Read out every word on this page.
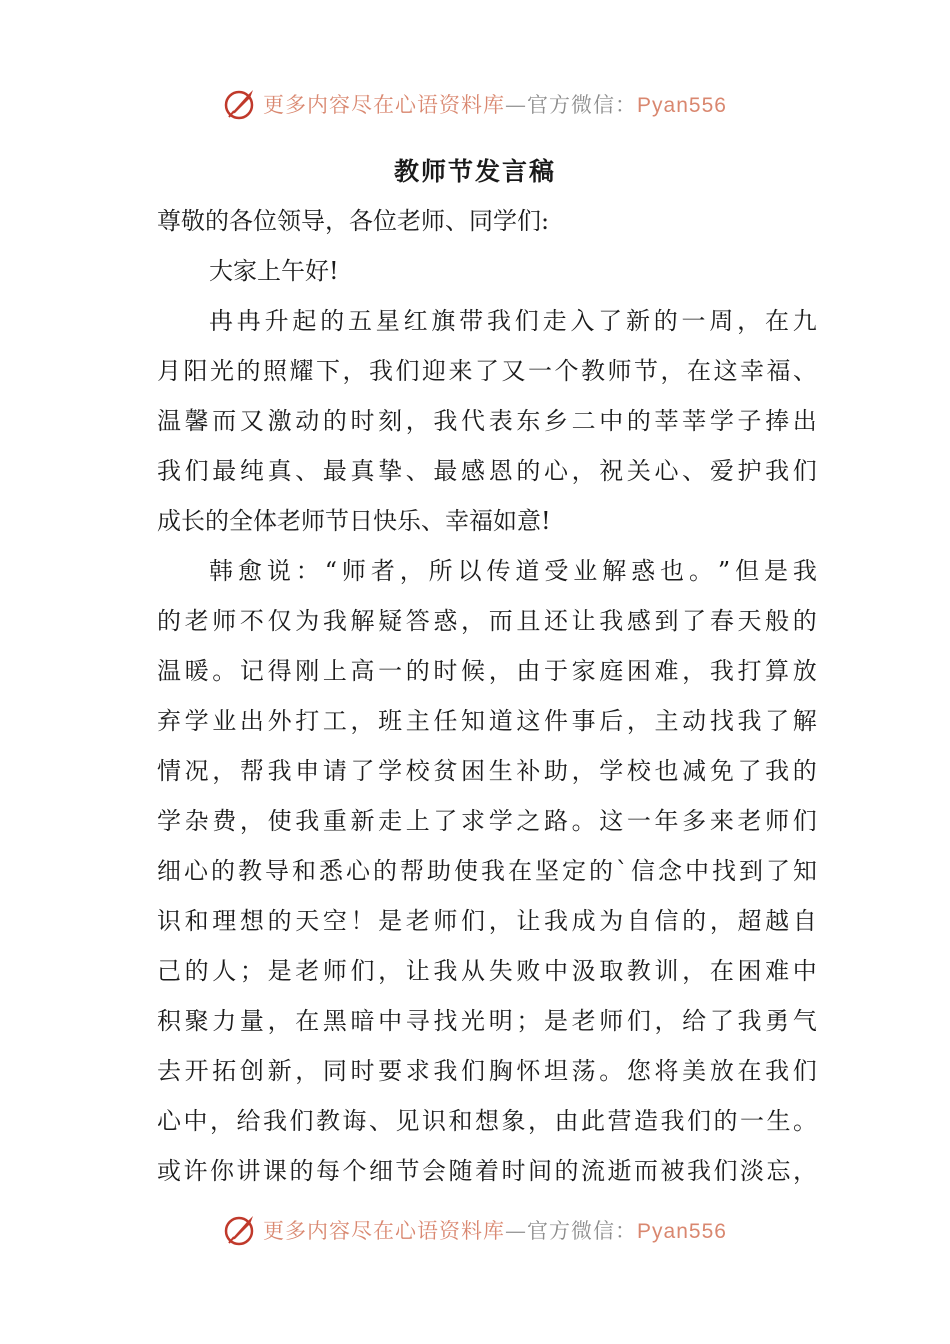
更多内容尽在心语资料库—官方微信：Pyan556
教师节发言稿
尊敬的各位领导，各位老师、同学们:
大家上午好!
冉 冉 升 起 的 五 星 红 旗 带 我 们 走 入 了 新 的 一 周 ， 在 九
月 阳 光 的 照 耀 下 ， 我 们 迎 来 了 又 一 个 教 师 节 ， 在 这 幸 福 、
温 馨 而 又 激 动 的 时 刻 ， 我 代 表 东 乡 二 中 的 莘 莘 学 子 捧 出
我 们 最 纯 真 、 最 真 挚 、 最 感 恩 的 心 ， 祝 关 心 、 爱 护 我 们
成长的全体老师节日快乐、幸福如意!
韩 愈 说 ： “ 师 者 ， 所 以 传 道 受 业 解 惑 也 。 ” 但 是 我
的 老 师 不 仅 为 我 解 疑 答 惑 ， 而 且 还 让 我 感 到 了 春 天 般 的
温 暖 。 记 得 刚 上 高 一 的 时 候 ， 由 于 家 庭 困 难 ， 我 打 算 放
弃 学 业 出 外 打 工 ， 班 主 任 知 道 这 件 事 后 ， 主 动 找 我 了 解
情 况 ， 帮 我 申 请 了 学 校 贫 困 生 补 助 ， 学 校 也 减 免 了 我 的
学 杂 费 ， 使 我 重 新 走 上 了 求 学 之 路 。 这 一 年 多 来 老 师 们
细 心 的 教 导 和 悉 心 的 帮 助 使 我 在 坚 定 的 ` 信 念 中 找 到 了 知
识 和 理 想 的 天 空 ！ 是 老 师 们 ， 让 我 成 为 自 信 的 ， 超 越 自
己 的 人 ； 是 老 师 们 ， 让 我 从 失 败 中 汲 取 教 训 ， 在 困 难 中
积 聚 力 量 ， 在 黑 暗 中 寻 找 光 明 ； 是 老 师 们 ， 给 了 我 勇 气
去 开 拓 创 新 ， 同 时 要 求 我 们 胸 怀 坦 荡 。 您 将 美 放 在 我 们
心 中 ， 给 我 们 教 诲 、 见 识 和 想 象 ， 由 此 营 造 我 们 的 一 生 。
或 许 你 讲 课 的 每 个 细 节 会 随 着 时 间 的 流 逝 而 被 我 们 淡 忘 ，
更多内容尽在心语资料库—官方微信：Pyan556
